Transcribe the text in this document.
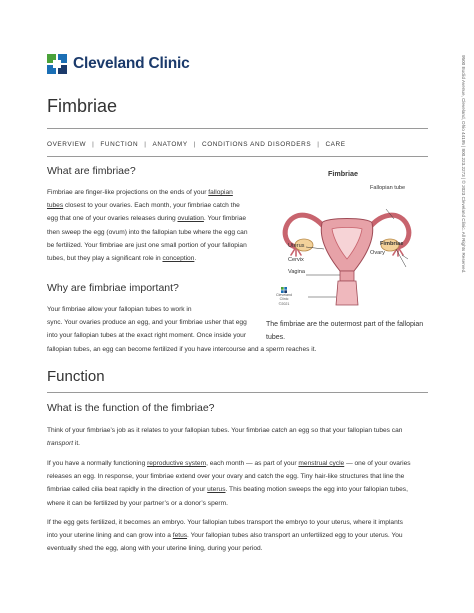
Cleveland Clinic	9500 Euclid Avenue, Cleveland, Ohio 44195 | 800.223.2273 | © 2023 Cleveland Clinic. All Rights Reserved.
Fimbriae
OVERVIEW | FUNCTION | ANATOMY | CONDITIONS AND DISORDERS | CARE
What are fimbriae?
Fimbriae are finger-like projections on the ends of your fallopian
tubes closest to your ovaries. Each month, your fimbriae catch the
egg that one of your ovaries releases during ovulation. Your fimbriae
then sweep the egg (ovum) into the fallopian tube where the egg can
be fertilized. Your fimbriae are just one small portion of your fallopian
tubes, but they play a significant role in conception.
Why are fimbriae important?
Your fimbriae allow your fallopian tubes to work in
sync. Your ovaries produce an egg, and your fimbriae usher that egg
into your fallopian tubes at the exact right moment. Once inside your
fallopian tubes, an egg can become fertilized if you have intercourse and a sperm reaches it.
Fimbriae
Fallopian tube
Uterus	Fimbriae
Ovary
Cervix
Vagina
Cleveland
Clinic
©2021
The fimbriae are the outermost part of the fallopian tubes.
Function
What is the function of the fimbriae?
Think of your fimbriae’s job as it relates to your fallopian tubes. Your fimbriae catch an egg so that your fallopian tubes can
transport it.
If you have a normally functioning reproductive system, each month — as part of your menstrual cycle — one of your ovaries
releases an egg. In response, your fimbriae extend over your ovary and catch the egg. Tiny hair-like structures that line the
fimbriae called cilia beat rapidly in the direction of your uterus. This beating motion sweeps the egg into your fallopian tubes,
where it can be fertilized by your partner’s or a donor’s sperm.
If the egg gets fertilized, it becomes an embryo. Your fallopian tubes transport the embryo to your uterus, where it implants
into your uterine lining and can grow into a fetus. Your fallopian tubes also transport an unfertilized egg to your uterus. You
eventually shed the egg, along with your uterine lining, during your period.
